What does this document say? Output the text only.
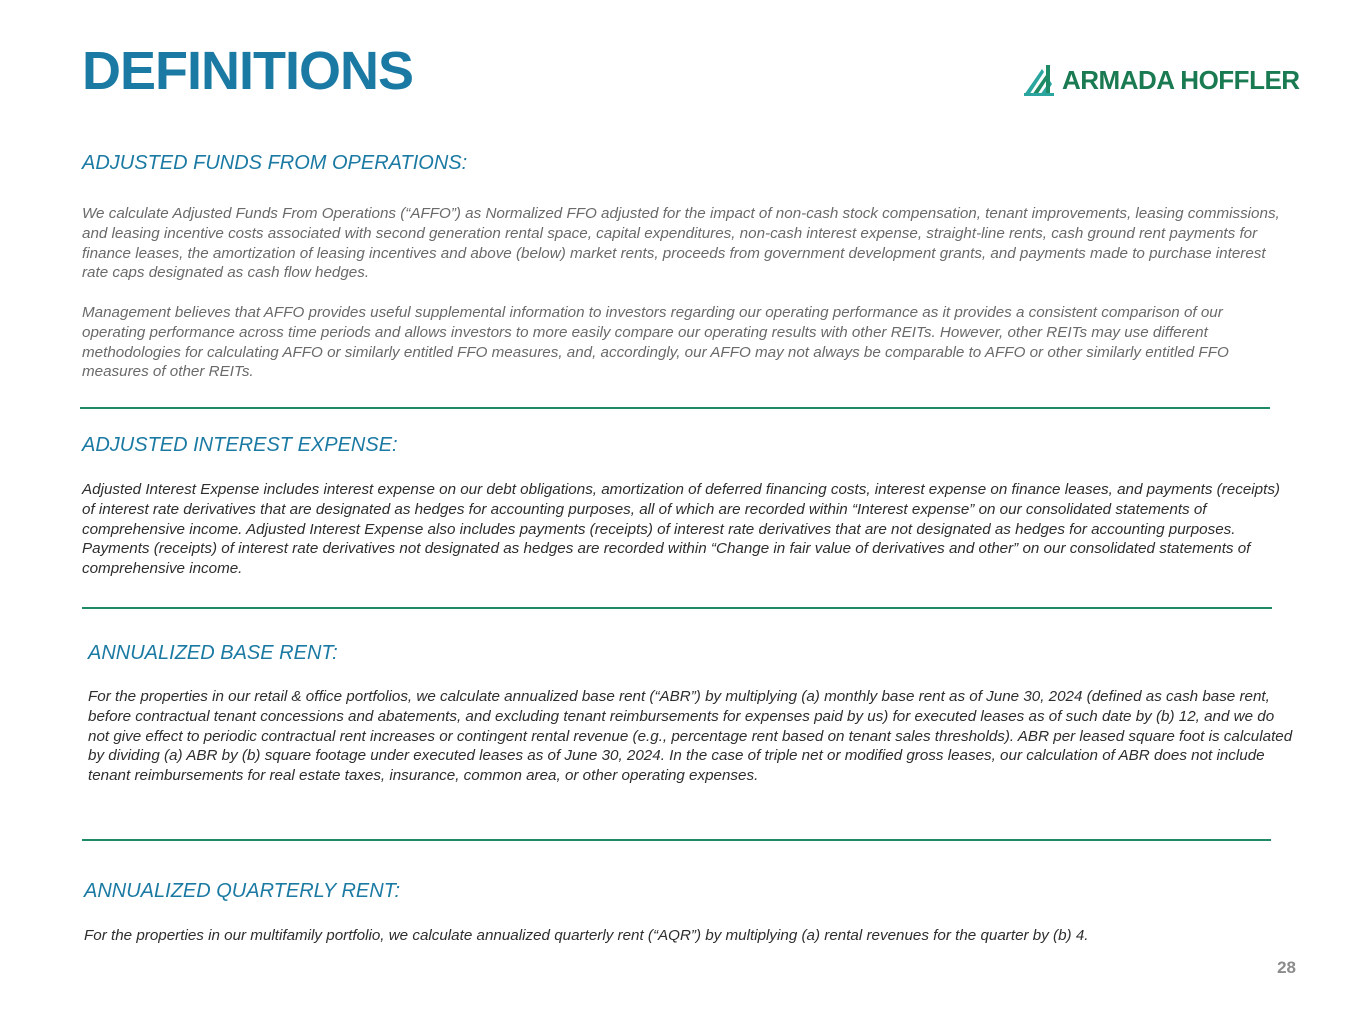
DEFINITIONS	ARMADA HOFFLER
ADJUSTED FUNDS FROM OPERATIONS:

We calculate Adjusted Funds From Operations (“AFFO”) as Normalized FFO adjusted for the impact of non-cash stock compensation, tenant improvements, leasing commissions, and leasing incentive costs associated with second generation rental space, capital expenditures, non-cash interest expense, straight-line rents, cash ground rent payments for finance leases, the amortization of leasing incentives and above (below) market rents, proceeds from government development grants, and payments made to purchase interest rate caps designated as cash flow hedges.

Management believes that AFFO provides useful supplemental information to investors regarding our operating performance as it provides a consistent comparison of our operating performance across time periods and allows investors to more easily compare our operating results with other REITs. However, other REITs may use different methodologies for calculating AFFO or similarly entitled FFO measures, and, accordingly, our AFFO may not always be comparable to AFFO or other similarly entitled FFO measures of other REITs.

ADJUSTED INTEREST EXPENSE:

Adjusted Interest Expense includes interest expense on our debt obligations, amortization of deferred financing costs, interest expense on finance leases, and payments (receipts) of interest rate derivatives that are designated as hedges for accounting purposes, all of which are recorded within “Interest expense” on our consolidated statements of comprehensive income. Adjusted Interest Expense also includes payments (receipts) of interest rate derivatives that are not designated as hedges for accounting purposes. Payments (receipts) of interest rate derivatives not designated as hedges are recorded within “Change in fair value of derivatives and other” on our consolidated statements of comprehensive income.

ANNUALIZED BASE RENT:

For the properties in our retail & office portfolios, we calculate annualized base rent (“ABR”) by multiplying (a) monthly base rent as of June 30, 2024 (defined as cash base rent, before contractual tenant concessions and abatements, and excluding tenant reimbursements for expenses paid by us) for executed leases as of such date by (b) 12, and we do not give effect to periodic contractual rent increases or contingent rental revenue (e.g., percentage rent based on tenant sales thresholds). ABR per leased square foot is calculated by dividing (a) ABR by (b) square footage under executed leases as of June 30, 2024. In the case of triple net or modified gross leases, our calculation of ABR does not include tenant reimbursements for real estate taxes, insurance, common area, or other operating expenses.

ANNUALIZED QUARTERLY RENT:

For the properties in our multifamily portfolio, we calculate annualized quarterly rent (“AQR”) by multiplying (a) rental revenues for the quarter by (b) 4.

28
